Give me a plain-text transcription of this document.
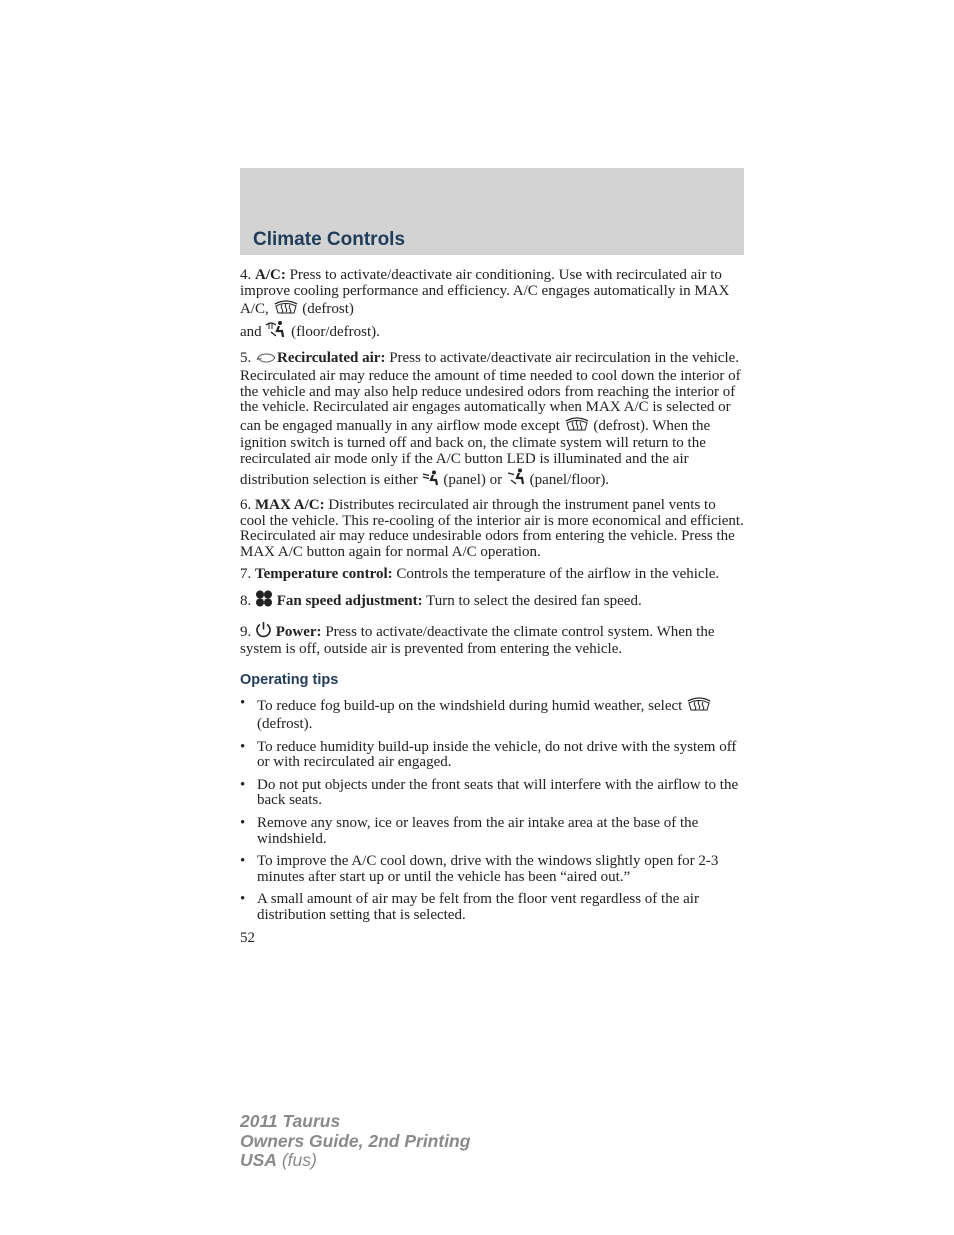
Climate Controls

4. A/C: Press to activate/deactivate air conditioning. Use with recirculated air to improve cooling performance and efficiency. A/C engages automatically in MAX A/C,  (defrost)
and  (floor/defrost).

5. Recirculated air: Press to activate/deactivate air recirculation in the vehicle. Recirculated air may reduce the amount of time needed to cool down the interior of the vehicle and may also help reduce undesired odors from reaching the interior of the vehicle. Recirculated air engages automatically when MAX A/C is selected or can be engaged manually in any airflow mode except  (defrost). When the ignition switch is turned off and back on, the climate system will return to the recirculated air mode only if the A/C button LED is illuminated and the air distribution selection is either  (panel) or  (panel/floor).

6. MAX A/C: Distributes recirculated air through the instrument panel vents to cool the vehicle. This re-cooling of the interior air is more economical and efficient. Recirculated air may reduce undesirable odors from entering the vehicle. Press the MAX A/C button again for normal A/C operation.

7. Temperature control: Controls the temperature of the airflow in the vehicle.

8. Fan speed adjustment: Turn to select the desired fan speed.

9. Power: Press to activate/deactivate the climate control system. When the system is off, outside air is prevented from entering the vehicle.

Operating tips
• To reduce fog build-up on the windshield during humid weather, select  (defrost).
• To reduce humidity build-up inside the vehicle, do not drive with the system off or with recirculated air engaged.
• Do not put objects under the front seats that will interfere with the airflow to the back seats.
• Remove any snow, ice or leaves from the air intake area at the base of the windshield.
• To improve the A/C cool down, drive with the windows slightly open for 2-3 minutes after start up or until the vehicle has been “aired out.”
• A small amount of air may be felt from the floor vent regardless of the air distribution setting that is selected.
52
2011 Taurus
Owners Guide, 2nd Printing
USA (fus)
